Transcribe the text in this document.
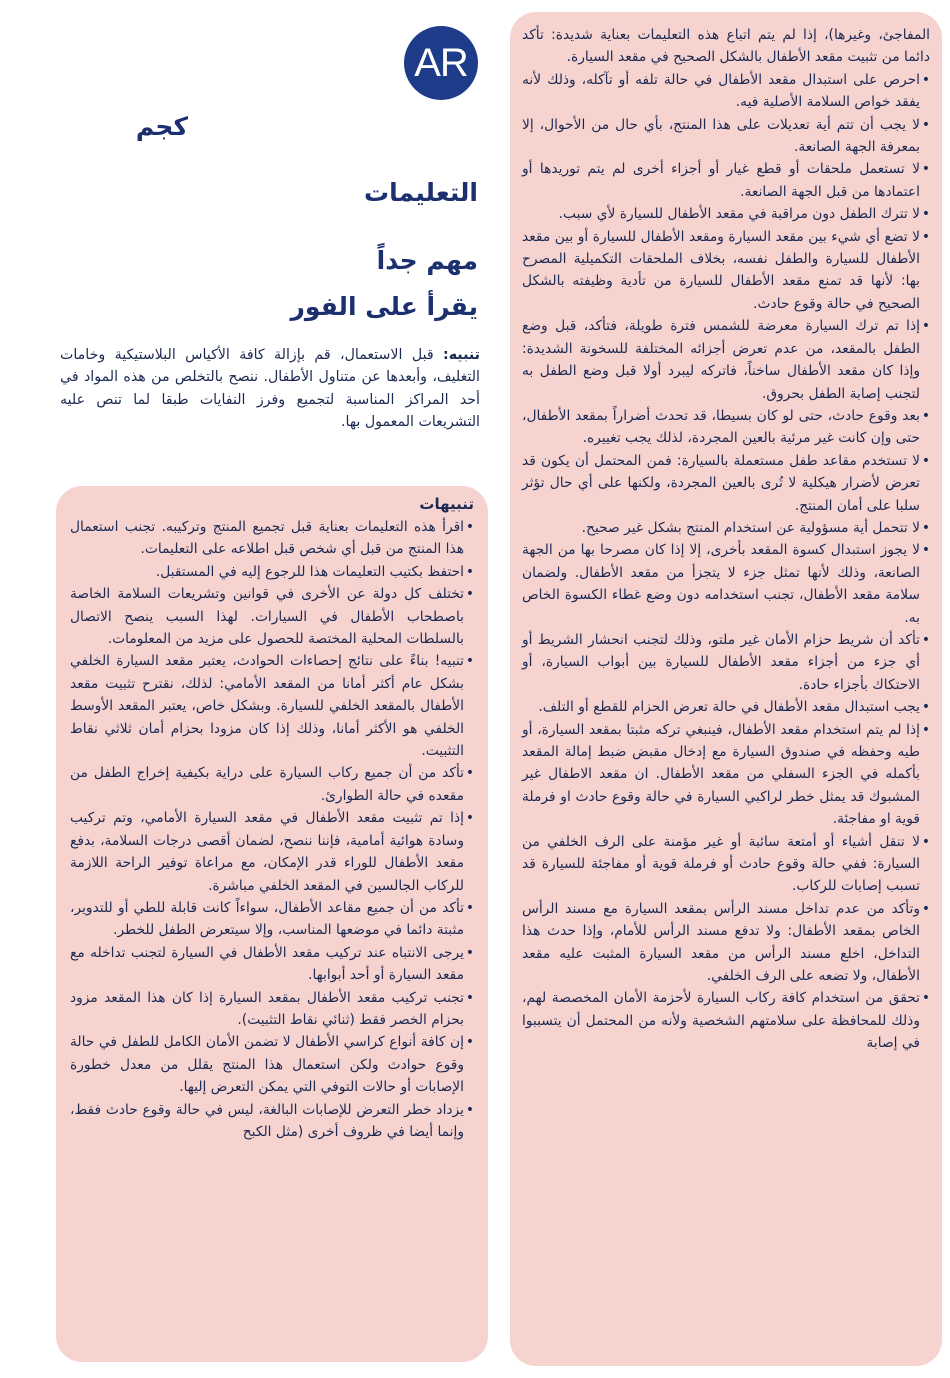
AR
كجم
التعليمات
مهم جداً
يقرأ على الفور

تنبيه: قبل الاستعمال، قم بإزالة كافة الأكياس البلاستيكية وخامات التغليف، وأبعدها عن متناول الأطفال. ننصح بالتخلص من هذه المواد في أحد المراكز المناسبة لتجميع وفرز النفايات طبقا لما تنص عليه التشريعات المعمول بها.

تنبيهات
• اقرأ هذه التعليمات بعناية قبل تجميع المنتج وتركيبه. تجنب استعمال هذا المنتج من قبل أي شخص قبل اطلاعه على التعليمات.
• احتفظ بكتيب التعليمات هذا للرجوع إليه في المستقبل.
• تختلف كل دولة عن الأخرى في قوانين وتشريعات السلامة الخاصة باصطحاب الأطفال في السيارات. لهذا السبب ينصح الاتصال بالسلطات المحلية المختصة للحصول على مزيد من المعلومات.
• تنبيه! بناءً على نتائج إحصاءات الحوادث، يعتبر مقعد السيارة الخلفي بشكل عام أكثر أمانا من المقعد الأمامي: لذلك، نقترح تثبيت مقعد الأطفال بالمقعد الخلفي للسيارة. وبشكل خاص، يعتبر المقعد الأوسط الخلفي هو الأكثر أمانا، وذلك إذا كان مزودا بحزام أمان ثلاثي نقاط التثبيت.
• تأكد من أن جميع ركاب السيارة على دراية بكيفية إخراج الطفل من مقعده في حالة الطوارئ.
• إذا تم تثبيت مقعد الأطفال في مقعد السيارة الأمامي، وتم تركيب وسادة هوائية أمامية، فإننا ننصح، لضمان أقصى درجات السلامة، بدفع مقعد الأطفال للوراء قدر الإمكان، مع مراعاة توفير الراحة اللازمة للركاب الجالسين في المقعد الخلفي مباشرة.
• تأكد من أن جميع مقاعد الأطفال، سواءاً كانت قابلة للطي أو للتدوير، مثبتة دائما في موضعها المناسب، وإلا سيتعرض الطفل للخطر.
• يرجى الانتباه عند تركيب مقعد الأطفال في السيارة لتجنب تداخله مع مقعد السيارة أو أحد أبوابها.
• تجنب تركيب مقعد الأطفال بمقعد السيارة إذا كان هذا المقعد مزود بحزام الخصر فقط (ثنائي نقاط التثبيت).
• إن كافة أنواع كراسي الأطفال لا تضمن الأمان الكامل للطفل في حالة وقوع حوادث ولكن استعمال هذا المنتج يقلل من معدل خطورة الإصابات أو حالات التوفي التي يمكن التعرض إليها.
• يزداد خطر التعرض للإصابات البالغة، ليس في حالة وقوع حادث فقط، وإنما أيضا في ظروف أخرى (مثل الكبح
المفاجئ، وغيرها)، إذا لم يتم اتباع هذه التعليمات بعناية شديدة: تأكد دائما من تثبيت مقعد الأطفال بالشكل الصحيح في مقعد السيارة.
• احرص على استبدال مقعد الأطفال في حالة تلفه أو تآكله، وذلك لأنه يفقد خواص السلامة الأصلية فيه.
• لا يجب أن تتم أية تعديلات على هذا المنتج، بأي حال من الأحوال، إلا بمعرفة الجهة الصانعة.
• لا تستعمل ملحقات أو قطع غيار أو أجزاء أخرى لم يتم توريدها أو اعتمادها من قبل الجهة الصانعة.
• لا تترك الطفل دون مراقبة في مقعد الأطفال للسيارة لأي سبب.
• لا تضع أي شيء بين مقعد السيارة ومقعد الأطفال للسيارة أو بين مقعد الأطفال للسيارة والطفل نفسه، بخلاف الملحقات التكميلية المصرح بها: لأنها قد تمنع مقعد الأطفال للسيارة من تأدية وظيفته بالشكل الصحيح في حالة وقوع حادث.
• إذا تم ترك السيارة معرضة للشمس فترة طويلة، فتأكد، قبل وضع الطفل بالمقعد، من عدم تعرض أجزائه المختلفة للسخونة الشديدة: وإذا كان مقعد الأطفال ساخناً، فاتركه ليبرد أولا قبل وضع الطفل به لتجنب إصابة الطفل بحروق.
• بعد وقوع حادث، حتى لو كان بسيطا، قد تحدث أضراراً بمقعد الأطفال، حتى وإن كانت غير مرئية بالعين المجردة، لذلك يجب تغييره.
• لا تستخدم مقاعد طفل مستعملة بالسيارة: فمن المحتمل أن يكون قد تعرض لأضرار هيكلية لا تُرى بالعين المجردة، ولكنها على أي حال تؤثر سلبا على أمان المنتج.
• لا تتحمل أية مسؤولية عن استخدام المنتج بشكل غير صحيح.
• لا يجوز استبدال كسوة المقعد بأخرى، إلا إذا كان مصرحا بها من الجهة الصانعة، وذلك لأنها تمثل جزء لا يتجزأ من مقعد الأطفال. ولضمان سلامة مقعد الأطفال، تجنب استخدامه دون وضع غطاء الكسوة الخاص به.
• تأكد أن شريط حزام الأمان غير ملتو، وذلك لتجنب انحشار الشريط أو أي جزء من أجزاء مقعد الأطفال للسيارة بين أبواب السيارة، أو الاحتكاك بأجزاء حادة.
• يجب استبدال مقعد الأطفال في حالة تعرض الحزام للقطع أو التلف.
• إذا لم يتم استخدام مقعد الأطفال، فينبغي تركه مثبتا بمقعد السيارة، أو طيه وحفظه في صندوق السيارة مع إدخال مقبض ضبط إمالة المقعد بأكمله في الجزء السفلي من مقعد الأطفال. ان مقعد الاطفال غير المشبوك قد يمثل خطر لراكبي السيارة في حالة وقوع حادث او فرملة قوية او مفاجئة.
• لا تنقل أشياء أو أمتعة سائبة أو غير مؤمنة على الرف الخلفي من السيارة: ففي حالة وقوع حادث أو فرملة قوية أو مفاجئة للسيارة قد تسبب إصابات للركاب.
• وتأكد من عدم تداخل مسند الرأس بمقعد السيارة مع مسند الرأس الخاص بمقعد الأطفال: ولا تدفع مسند الرأس للأمام، وإذا حدث هذا التداخل، اخلع مسند الرأس من مقعد السيارة المثبت عليه مقعد الأطفال، ولا تضعه على الرف الخلفي.
• تحقق من استخدام كافة ركاب السيارة لأحزمة الأمان المخصصة لهم، وذلك للمحافظة على سلامتهم الشخصية ولأنه من المحتمل أن يتسببوا في إصابة
